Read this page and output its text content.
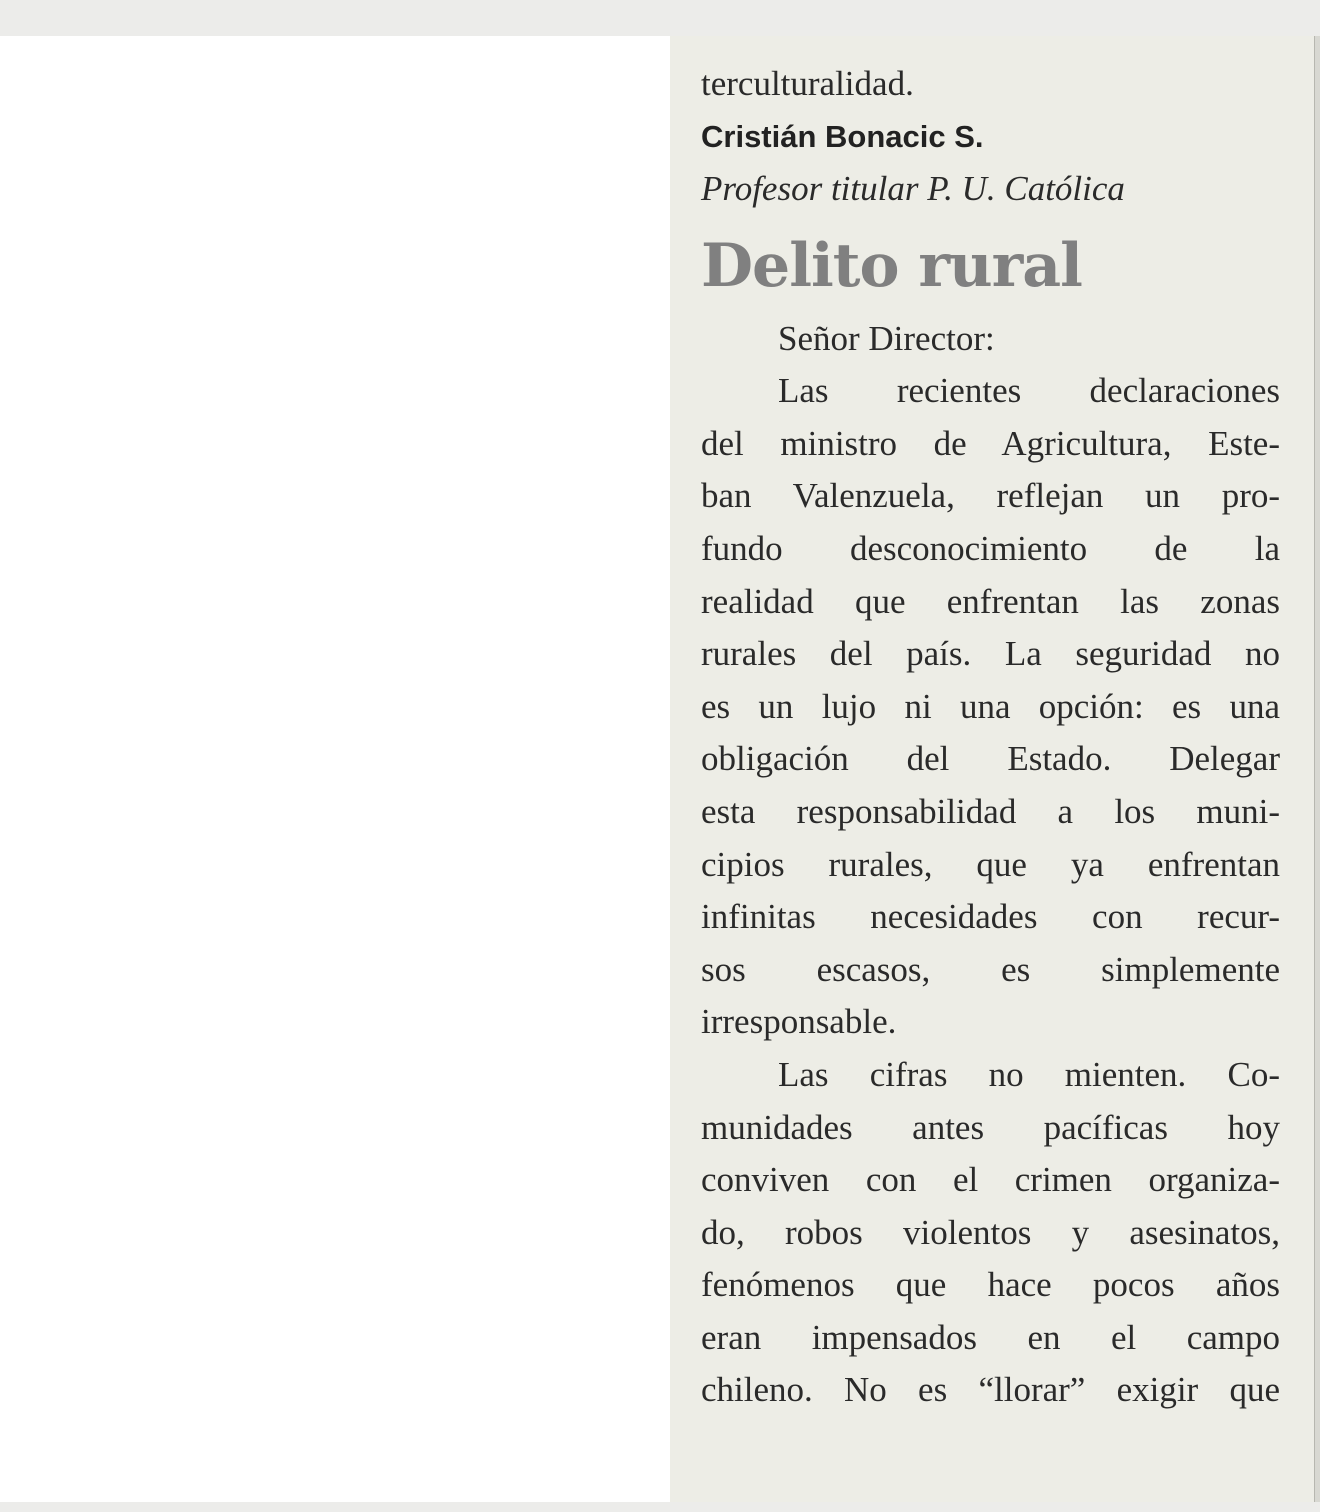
terculturalidad.

Cristián Bonacic S.

Profesor titular P. U. Católica

Delito rural

Señor Director:

Las recientes declaraciones

del ministro de Agricultura, Este-

ban Valenzuela, reflejan un pro-

fundo desconocimiento de la

realidad que enfrentan las zonas

rurales del país. La seguridad no

es un lujo ni una opción: es una

obligación del Estado. Delegar

esta responsabilidad a los muni-

cipios rurales, que ya enfrentan

infinitas necesidades con recur-

sos escasos, es simplemente

irresponsable.

Las cifras no mienten. Co-

munidades antes pacíficas hoy

conviven con el crimen organiza-

do, robos violentos y asesinatos,

fenómenos que hace pocos años

eran impensados en el campo

chileno. No es “llorar” exigir que
